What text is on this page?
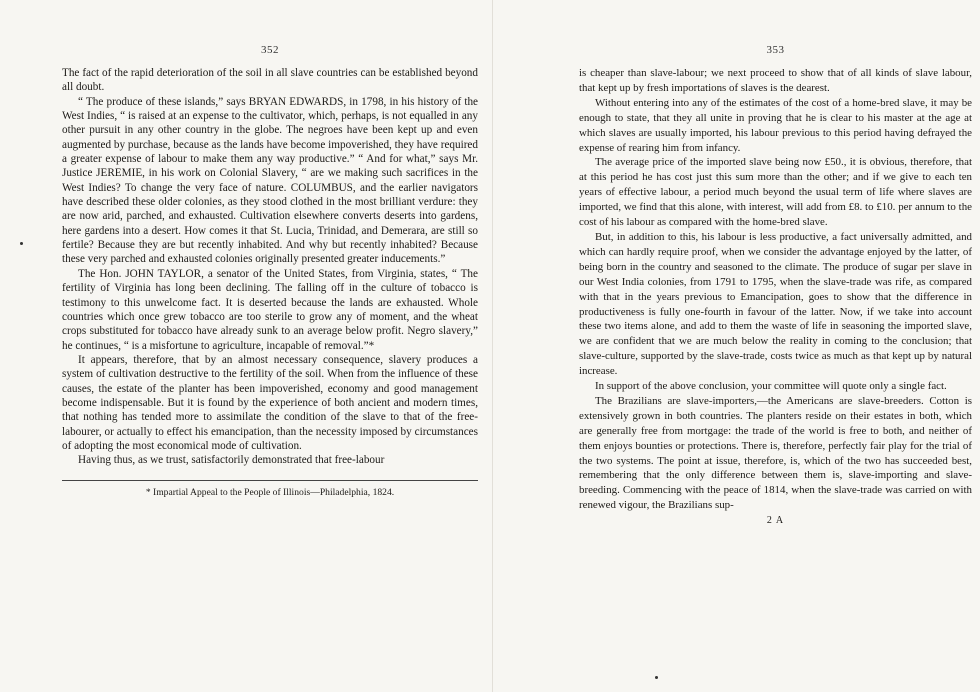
352

The fact of the rapid deterioration of the soil in all slave countries can be established beyond all doubt.

“ The produce of these islands,” says BRYAN EDWARDS, in 1798, in his history of the West Indies, “ is raised at an expense to the cultivator, which, perhaps, is not equalled in any other pursuit in any other country in the globe. The negroes have been kept up and even augmented by purchase, because as the lands have become impoverished, they have required a greater expense of labour to make them any way productive.” “ And for what,” says Mr. Justice JEREMIE, in his work on Colonial Slavery, “ are we making such sacrifices in the West Indies? To change the very face of nature. COLUMBUS, and the earlier navigators have described these older colonies, as they stood clothed in the most brilliant verdure: they are now arid, parched, and exhausted. Cultivation elsewhere converts deserts into gardens, here gardens into a desert. How comes it that St. Lucia, Trinidad, and Demerara, are still so fertile? Because they are but recently inhabited. And why but recently inhabited? Because these very parched and exhausted colonies originally presented greater inducements.”

The Hon. JOHN TAYLOR, a senator of the United States, from Virginia, states, “ The fertility of Virginia has long been declining. The falling off in the culture of tobacco is testimony to this unwelcome fact. It is deserted because the lands are exhausted. Whole countries which once grew tobacco are too sterile to grow any of moment, and the wheat crops substituted for tobacco have already sunk to an average below profit. Negro slavery,” he continues, “ is a misfortune to agriculture, incapable of removal.”*

It appears, therefore, that by an almost necessary consequence, slavery produces a system of cultivation destructive to the fertility of the soil. When from the influence of these causes, the estate of the planter has been impoverished, economy and good management become indispensable. But it is found by the experience of both ancient and modern times, that nothing has tended more to assimilate the condition of the slave to that of the free-labourer, or actually to effect his emancipation, than the necessity imposed by circumstances of adopting the most economical mode of cultivation.

Having thus, as we trust, satisfactorily demonstrated that free-labour

* Impartial Appeal to the People of Illinois—Philadelphia, 1824.
353

is cheaper than slave-labour; we next proceed to show that of all kinds of slave labour, that kept up by fresh importations of slaves is the dearest.

Without entering into any of the estimates of the cost of a home-bred slave, it may be enough to state, that they all unite in proving that he is clear to his master at the age at which slaves are usually imported, his labour previous to this period having defrayed the expense of rearing him from infancy.

The average price of the imported slave being now £50., it is obvious, therefore, that at this period he has cost just this sum more than the other; and if we give to each ten years of effective labour, a period much beyond the usual term of life where slaves are imported, we find that this alone, with interest, will add from £8. to £10. per annum to the cost of his labour as compared with the home-bred slave.

But, in addition to this, his labour is less productive, a fact universally admitted, and which can hardly require proof, when we consider the advantage enjoyed by the latter, of being born in the country and seasoned to the climate. The produce of sugar per slave in our West India colonies, from 1791 to 1795, when the slave-trade was rife, as compared with that in the years previous to Emancipation, goes to show that the difference in productiveness is fully one-fourth in favour of the latter. Now, if we take into account these two items alone, and add to them the waste of life in seasoning the imported slave, we are confident that we are much below the reality in coming to the conclusion; that slave-culture, supported by the slave-trade, costs twice as much as that kept up by natural increase.

In support of the above conclusion, your committee will quote only a single fact.

The Brazilians are slave-importers,—the Americans are slave-breeders. Cotton is extensively grown in both countries. The planters reside on their estates in both, which are generally free from mortgage: the trade of the world is free to both, and neither of them enjoys bounties or protections. There is, therefore, perfectly fair play for the trial of the two systems. The point at issue, therefore, is, which of the two has succeeded best, remembering that the only difference between them is, slave-importing and slave-breeding. Commencing with the peace of 1814, when the slave-trade was carried on with renewed vigour, the Brazilians sup-

2 A
